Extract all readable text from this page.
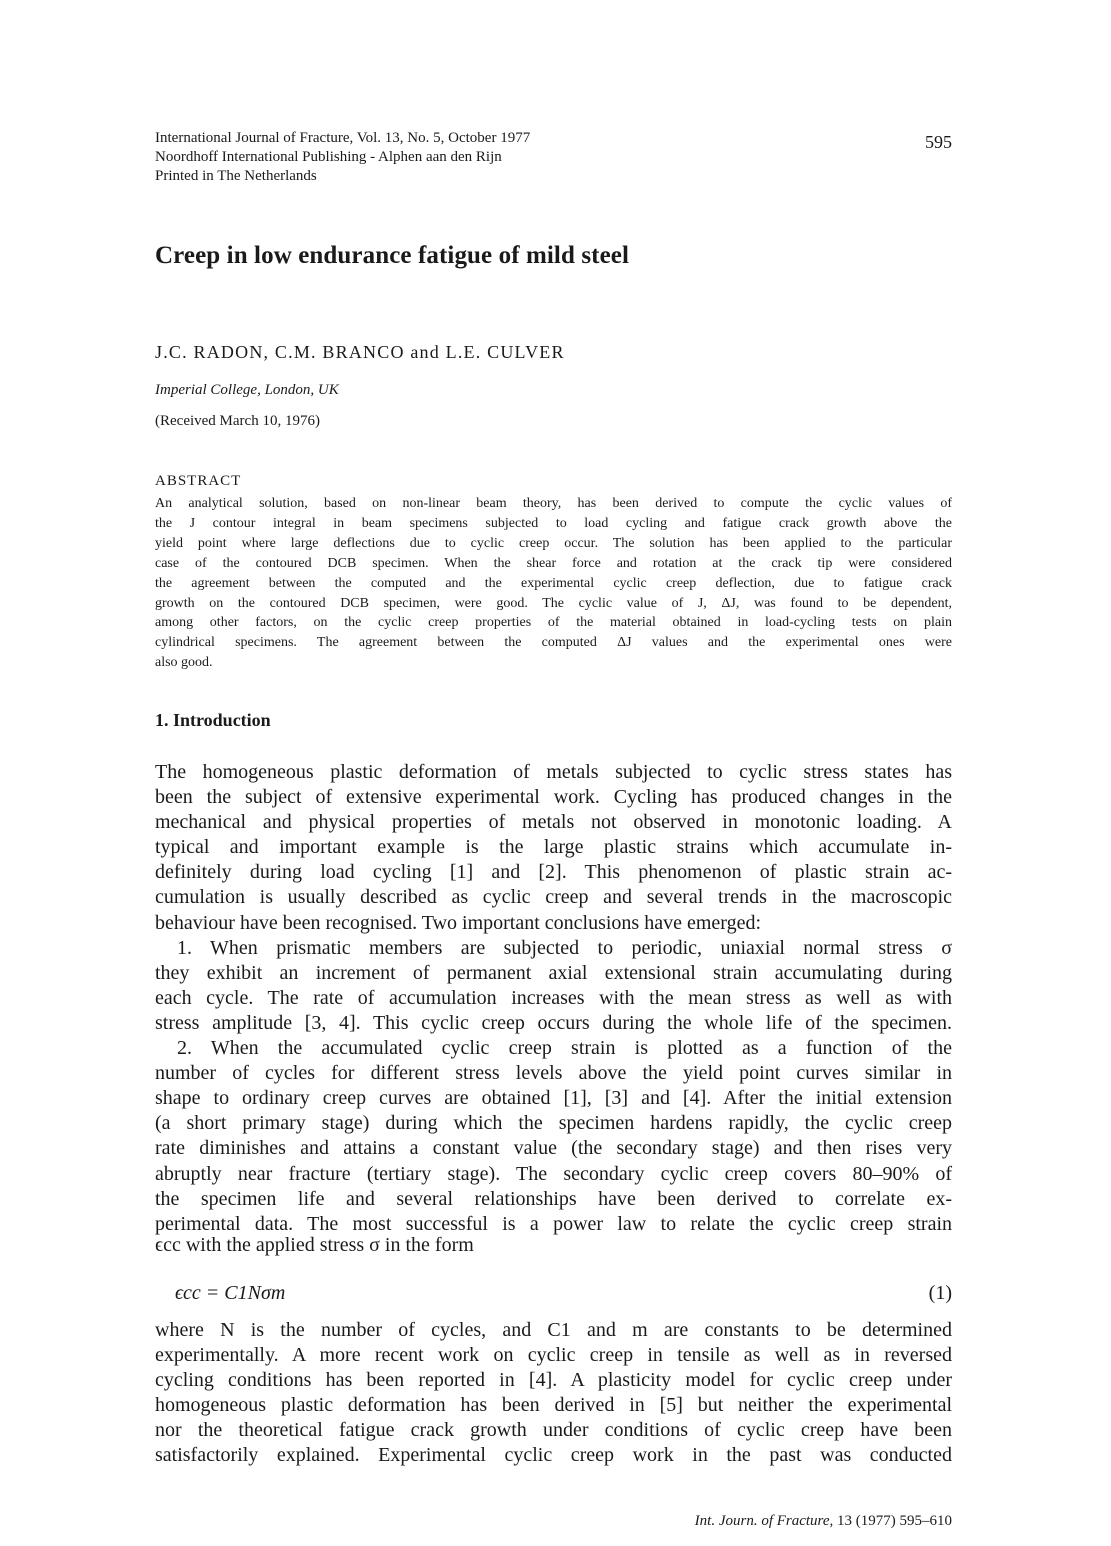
International Journal of Fracture, Vol. 13, No. 5, October 1977
Noordhoff International Publishing - Alphen aan den Rijn
Printed in The Netherlands
595
Creep in low endurance fatigue of mild steel
J.C. RADON, C.M. BRANCO and L.E. CULVER
Imperial College, London, UK
(Received March 10, 1976)
ABSTRACT
An analytical solution, based on non-linear beam theory, has been derived to compute the cyclic values of
the J contour integral in beam specimens subjected to load cycling and fatigue crack growth above the
yield point where large deflections due to cyclic creep occur. The solution has been applied to the particular
case of the contoured DCB specimen. When the shear force and rotation at the crack tip were considered
the agreement between the computed and the experimental cyclic creep deflection, due to fatigue crack
growth on the contoured DCB specimen, were good. The cyclic value of J, ΔJ, was found to be dependent,
among other factors, on the cyclic creep properties of the material obtained in load-cycling tests on plain
cylindrical specimens. The agreement between the computed ΔJ values and the experimental ones were
also good.
1. Introduction
The homogeneous plastic deformation of metals subjected to cyclic stress states has
been the subject of extensive experimental work. Cycling has produced changes in the
mechanical and physical properties of metals not observed in monotonic loading. A
typical and important example is the large plastic strains which accumulate in-
definitely during load cycling [1] and [2]. This phenomenon of plastic strain ac-
cumulation is usually described as cyclic creep and several trends in the macroscopic
behaviour have been recognised. Two important conclusions have emerged:
1. When prismatic members are subjected to periodic, uniaxial normal stress σ
they exhibit an increment of permanent axial extensional strain accumulating during
each cycle. The rate of accumulation increases with the mean stress as well as with
stress amplitude [3, 4]. This cyclic creep occurs during the whole life of the specimen.
2. When the accumulated cyclic creep strain is plotted as a function of the
number of cycles for different stress levels above the yield point curves similar in
shape to ordinary creep curves are obtained [1], [3] and [4]. After the initial extension
(a short primary stage) during which the specimen hardens rapidly, the cyclic creep
rate diminishes and attains a constant value (the secondary stage) and then rises very
abruptly near fracture (tertiary stage). The secondary cyclic creep covers 80–90% of
the specimen life and several relationships have been derived to correlate ex-
perimental data. The most successful is a power law to relate the cyclic creep strain
ϵcc with the applied stress σ in the form
ϵcc = C1Nσm	(1)
where N is the number of cycles, and C1 and m are constants to be determined
experimentally. A more recent work on cyclic creep in tensile as well as in reversed
cycling conditions has been reported in [4]. A plasticity model for cyclic creep under
homogeneous plastic deformation has been derived in [5] but neither the experimental
nor the theoretical fatigue crack growth under conditions of cyclic creep have been
satisfactorily explained. Experimental cyclic creep work in the past was conducted
Int. Journ. of Fracture, 13 (1977) 595–610
